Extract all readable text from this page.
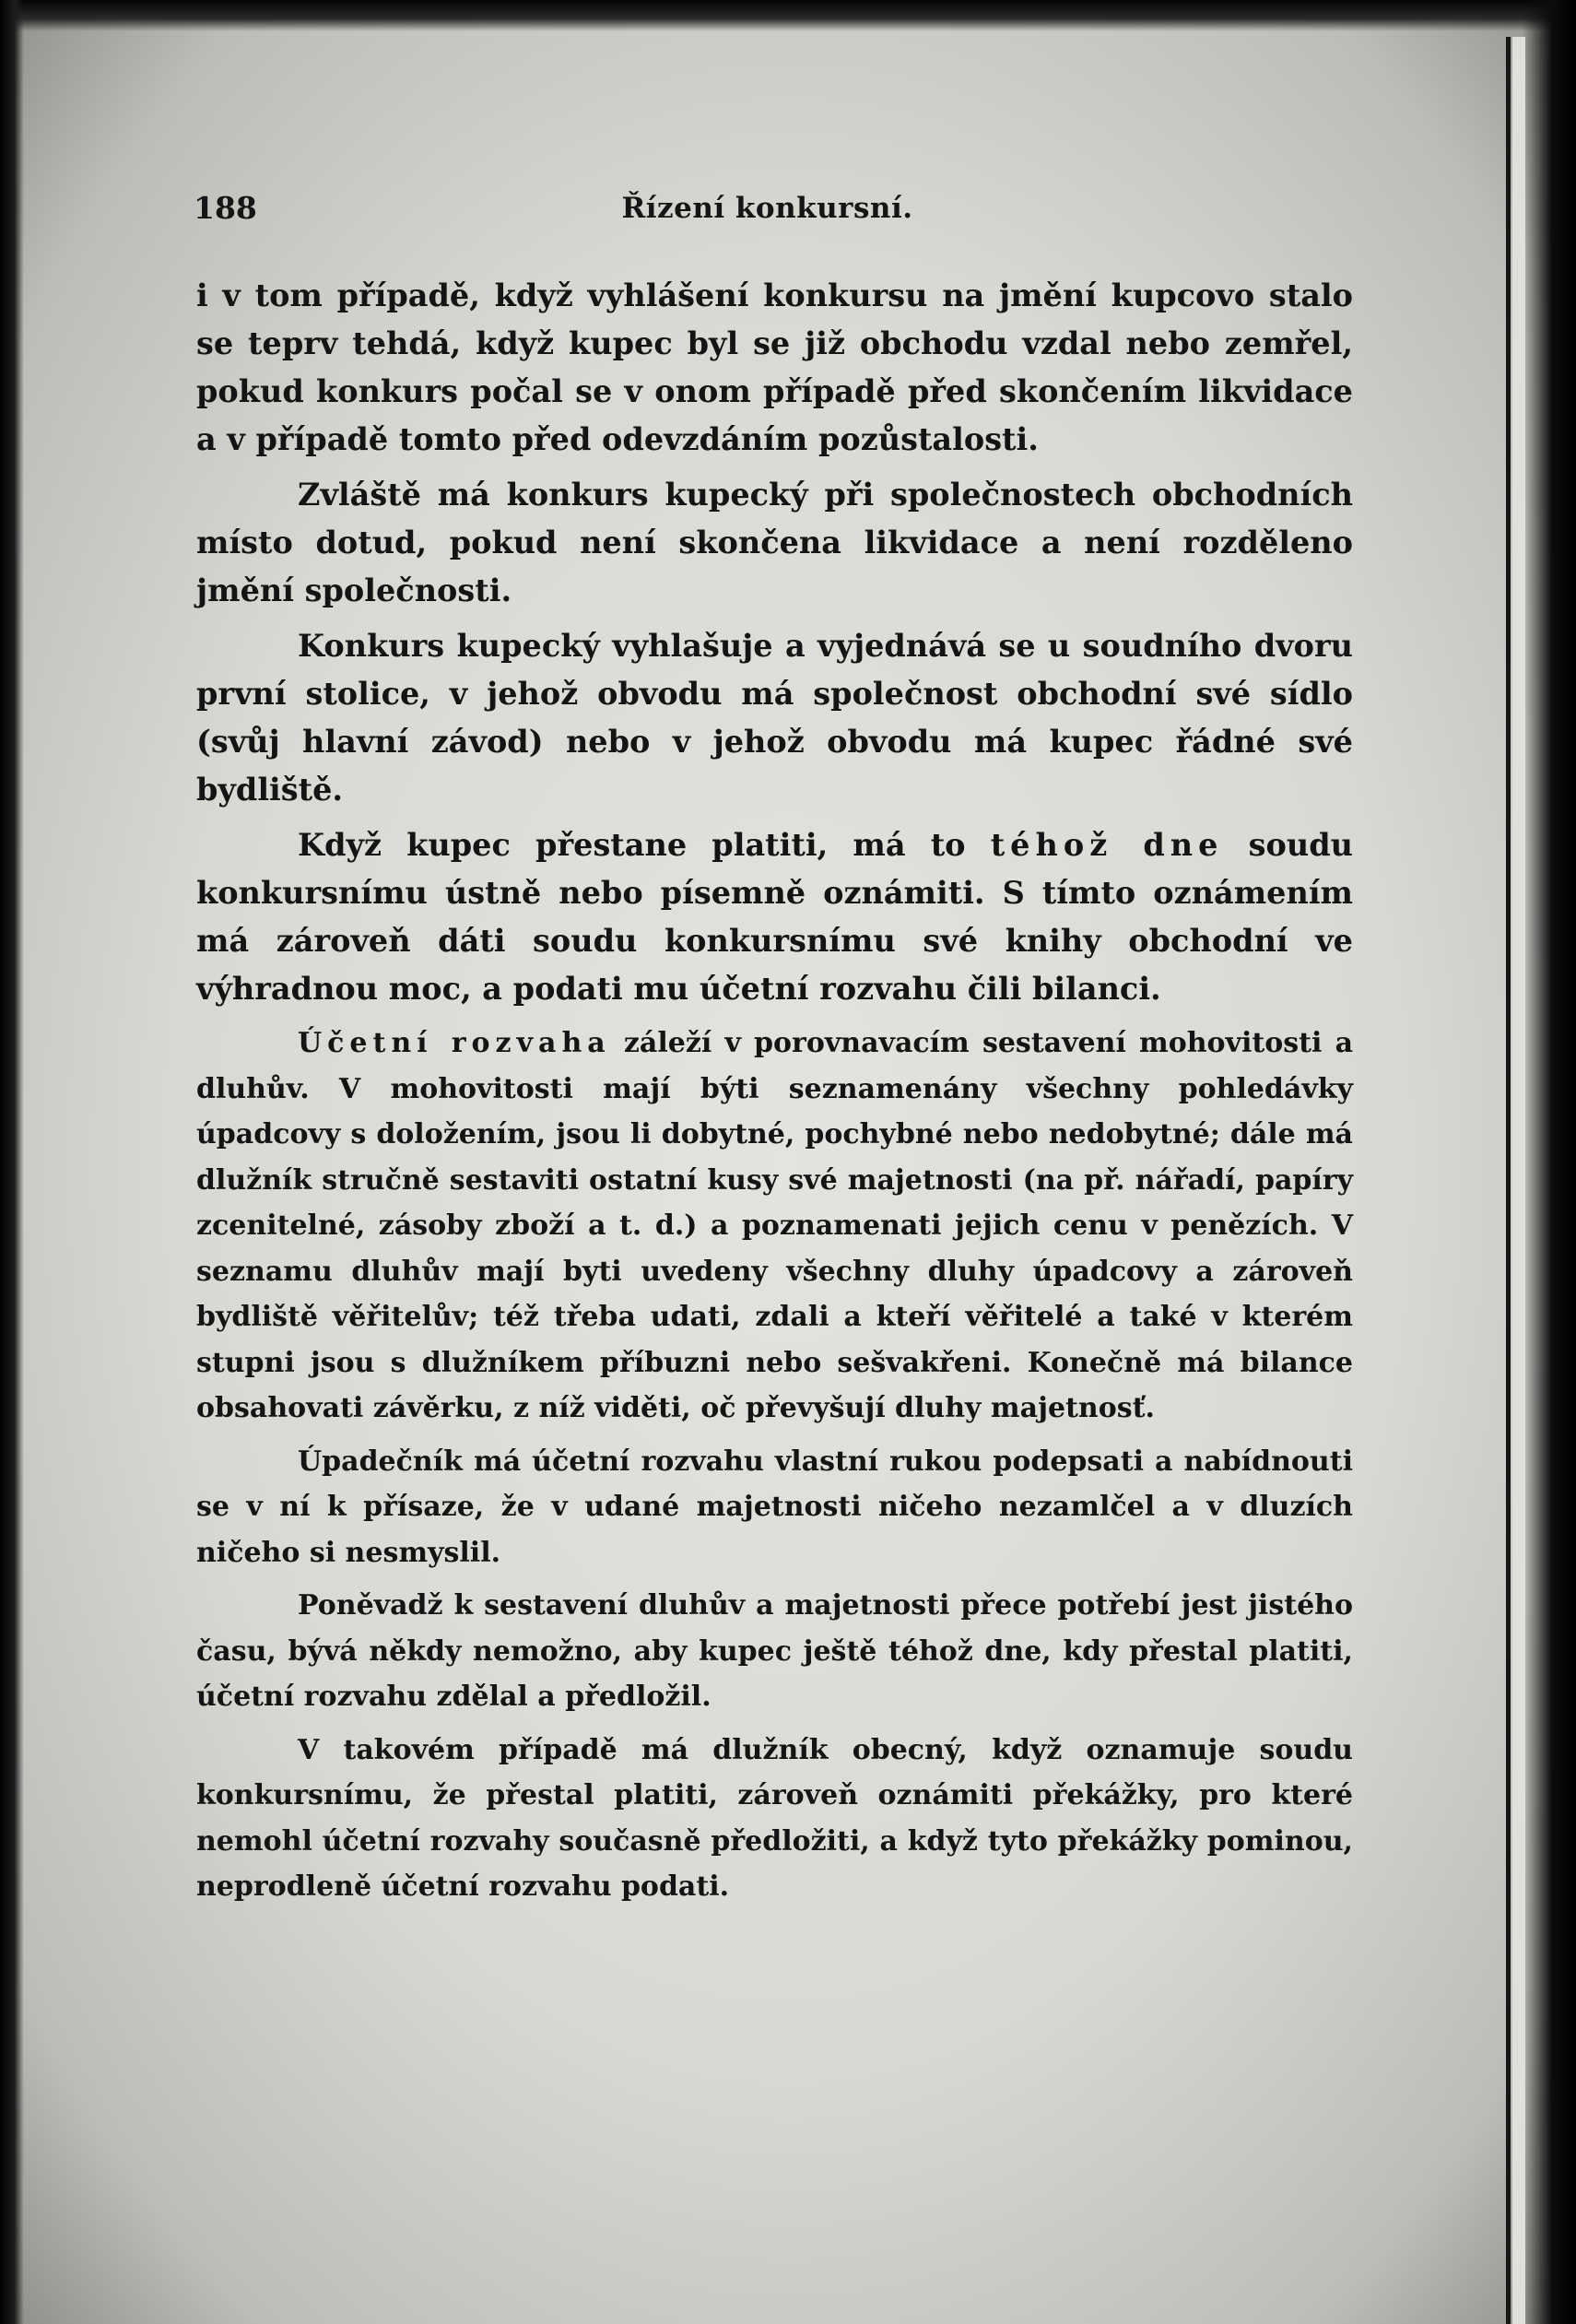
188	Řízení konkursní.

i v tom případě, když vyhlášení konkursu na jmění kupcovo stalo se teprv tehdá, když kupec byl se již obchodu vzdal nebo zemřel, pokud konkurs počal se v onom případě před skončením likvidace a v případě tomto před odevzdáním pozůstalosti.

Zvláště má konkurs kupecký při společnostech obchodních místo dotud, pokud není skončena likvidace a není rozděleno jmění společnosti.

Konkurs kupecký vyhlašuje a vyjednává se u soudního dvoru první stolice, v jehož obvodu má společnost obchodní své sídlo (svůj hlavní závod) nebo v jehož obvodu má kupec řádné své bydliště.

Když kupec přestane platiti, má to téhož dne soudu konkursnímu ústně nebo písemně oznámiti. S tímto oznámením má zároveň dáti soudu konkursnímu své knihy obchodní ve výhradnou moc, a podati mu účetní rozvahu čili bilanci.

Účetní rozvaha záleží v porovnavacím sestavení mohovitosti a dluhův. V mohovitosti mají býti seznamenány všechny pohledávky úpadcovy s doložením, jsou li dobytné, pochybné nebo nedobytné; dále má dlužník stručně sestaviti ostatní kusy své majetnosti (na př. nářadí, papíry zcenitelné, zásoby zboží a t. d.) a poznamenati jejich cenu v penězích. V seznamu dluhův mají byti uvedeny všechny dluhy úpadcovy a zároveň bydliště věřitelův; též třeba udati, zdali a kteří věřitelé a také v kterém stupni jsou s dlužníkem příbuzni nebo sešvakřeni. Konečně má bilance obsahovati závěrku, z níž viděti, oč převyšují dluhy majetnosť.

Úpadečník má účetní rozvahu vlastní rukou podepsati a nabídnouti se v ní k přísaze, že v udané majetnosti ničeho nezamlčel a v dluzích ničeho si nesmyslil.

Poněvadž k sestavení dluhův a majetnosti přece potřebí jest jistého času, bývá někdy nemožno, aby kupec ještě téhož dne, kdy přestal platiti, účetní rozvahu zdělal a předložil.

V takovém případě má dlužník obecný, když oznamuje soudu konkursnímu, že přestal platiti, zároveň oznámiti překážky, pro které nemohl účetní rozvahy současně předložiti, a když tyto překážky pominou, neprodleně účetní rozvahu podati.
